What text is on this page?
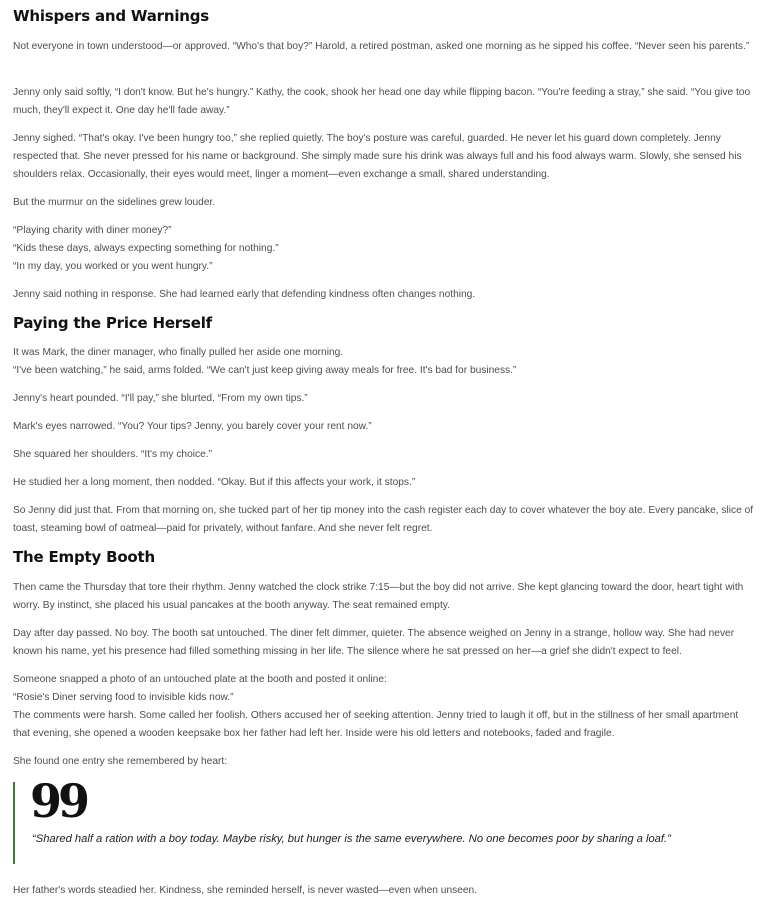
Whispers and Warnings

Not everyone in town understood—or approved. “Who's that boy?” Harold, a retired postman, asked one morning as he sipped his coffee. “Never seen his parents.”

Jenny only said softly, “I don't know. But he's hungry.” Kathy, the cook, shook her head one day while flipping bacon. “You're feeding a stray,” she said. “You give too much, they'll expect it. One day he'll fade away.”

Jenny sighed. “That's okay. I've been hungry too,” she replied quietly. The boy's posture was careful, guarded. He never let his guard down completely. Jenny respected that. She never pressed for his name or background. She simply made sure his drink was always full and his food always warm. Slowly, she sensed his shoulders relax. Occasionally, their eyes would meet, linger a moment—even exchange a small, shared understanding.

But the murmur on the sidelines grew louder.

“Playing charity with diner money?”
“Kids these days, always expecting something for nothing.”
“In my day, you worked or you went hungry.”

Jenny said nothing in response. She had learned early that defending kindness often changes nothing.

Paying the Price Herself

It was Mark, the diner manager, who finally pulled her aside one morning.
“I've been watching,” he said, arms folded. “We can't just keep giving away meals for free. It's bad for business.”

Jenny's heart pounded. “I'll pay,” she blurted. “From my own tips.”

Mark's eyes narrowed. “You? Your tips? Jenny, you barely cover your rent now.”

She squared her shoulders. “It's my choice.”

He studied her a long moment, then nodded. “Okay. But if this affects your work, it stops.”

So Jenny did just that. From that morning on, she tucked part of her tip money into the cash register each day to cover whatever the boy ate. Every pancake, slice of toast, steaming bowl of oatmeal—paid for privately, without fanfare. And she never felt regret.

The Empty Booth

Then came the Thursday that tore their rhythm. Jenny watched the clock strike 7:15—but the boy did not arrive. She kept glancing toward the door, heart tight with worry. By instinct, she placed his usual pancakes at the booth anyway. The seat remained empty.

Day after day passed. No boy. The booth sat untouched. The diner felt dimmer, quieter. The absence weighed on Jenny in a strange, hollow way. She had never known his name, yet his presence had filled something missing in her life. The silence where he sat pressed on her—a grief she didn't expect to feel.

Someone snapped a photo of an untouched plate at the booth and posted it online:
“Rosie's Diner serving food to invisible kids now.”
The comments were harsh. Some called her foolish. Others accused her of seeking attention. Jenny tried to laugh it off, but in the stillness of her small apartment that evening, she opened a wooden keepsake box her father had left her. Inside were his old letters and notebooks, faded and fragile.

She found one entry she remembered by heart:

99
“Shared half a ration with a boy today. Maybe risky, but hunger is the same everywhere. No one becomes poor by sharing a loaf.”

Her father's words steadied her. Kindness, she reminded herself, is never wasted—even when unseen.
